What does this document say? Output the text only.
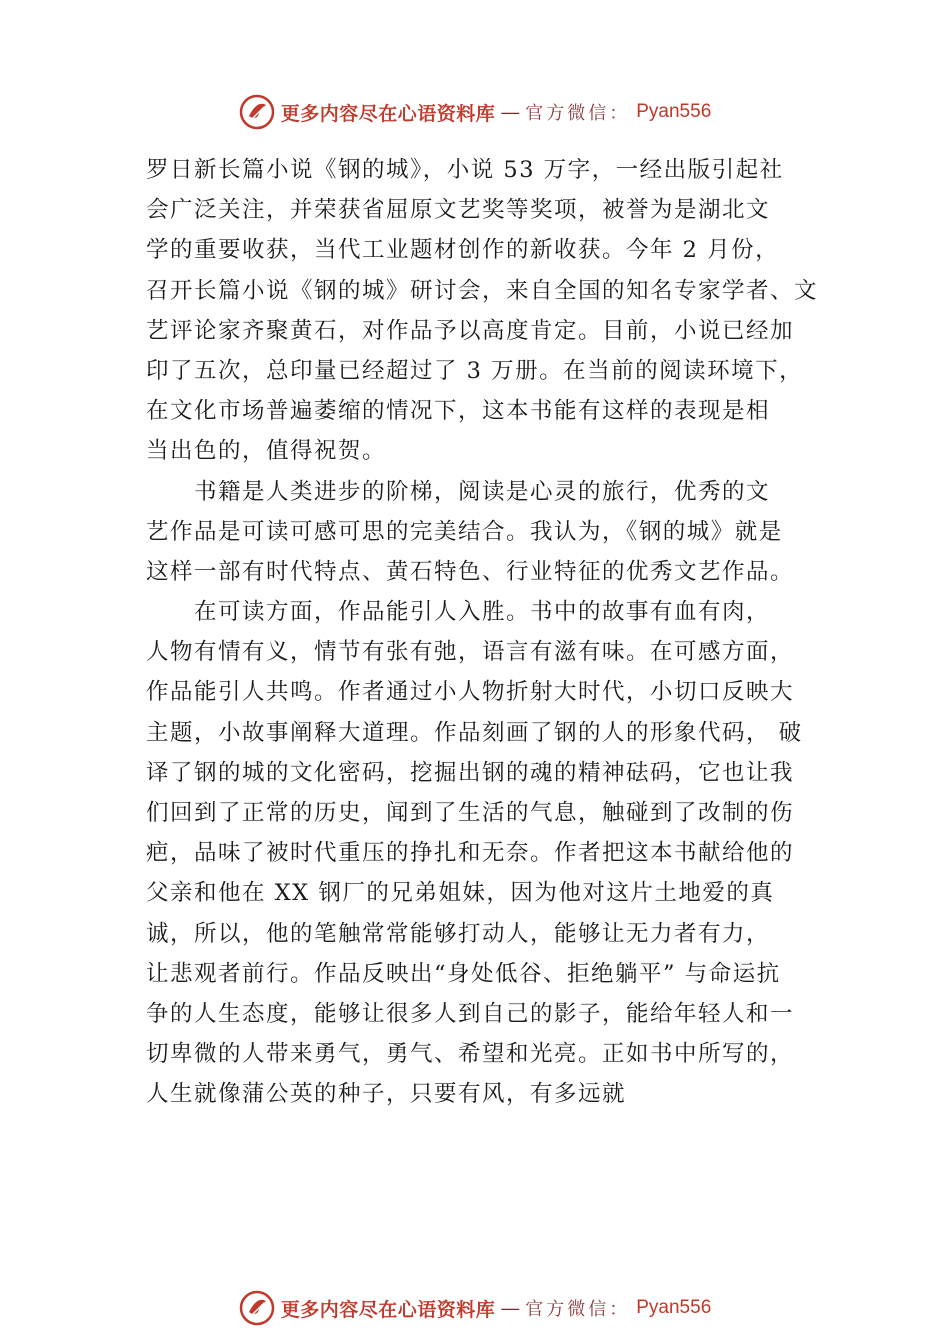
更多内容尽在心语资料库 — 官方微信： Pyan556
罗日新长篇小说《钢的城》，小说 53 万字，一经出版引起社
会广泛关注，并荣获省屈原文艺奖等奖项，被誉为是湖北文
学的重要收获，当代工业题材创作的新收获。今年 2 月份，
召开长篇小说《钢的城》研讨会，来自全国的知名专家学者、文
艺评论家齐聚黄石，对作品予以高度肯定。目前，小说已经加
印了五次，总印量已经超过了 3 万册。在当前的阅读环境下，
在文化市场普遍萎缩的情况下，这本书能有这样的表现是相
当出色的，值得祝贺。
书籍是人类进步的阶梯，阅读是心灵的旅行，优秀的文
艺作品是可读可感可思的完美结合。我认为，《钢的城》就是
这样一部有时代特点、黄石特色、行业特征的优秀文艺作品。
在可读方面，作品能引人入胜。书中的故事有血有肉，
人物有情有义，情节有张有弛，语言有滋有味。在可感方面，
作品能引人共鸣。作者通过小人物折射大时代，小切口反映大
主题，小故事阐释大道理。作品刻画了钢的人的形象代码， 破
译了钢的城的文化密码，挖掘出钢的魂的精神砝码，它也让我
们回到了正常的历史，闻到了生活的气息，触碰到了改制的伤
疤，品味了被时代重压的挣扎和无奈。作者把这本书献给他的
父亲和他在 XX 钢厂的兄弟姐妹，因为他对这片土地爱的真
诚，所以，他的笔触常常能够打动人，能够让无力者有力，
让悲观者前行。作品反映出“身处低谷、拒绝躺平” 与命运抗
争的人生态度，能够让很多人到自己的影子，能给年轻人和一
切卑微的人带来勇气，勇气、希望和光亮。正如书中所写的，
人生就像蒲公英的种子，只要有风，有多远就
更多内容尽在心语资料库 — 官方微信： Pyan556
